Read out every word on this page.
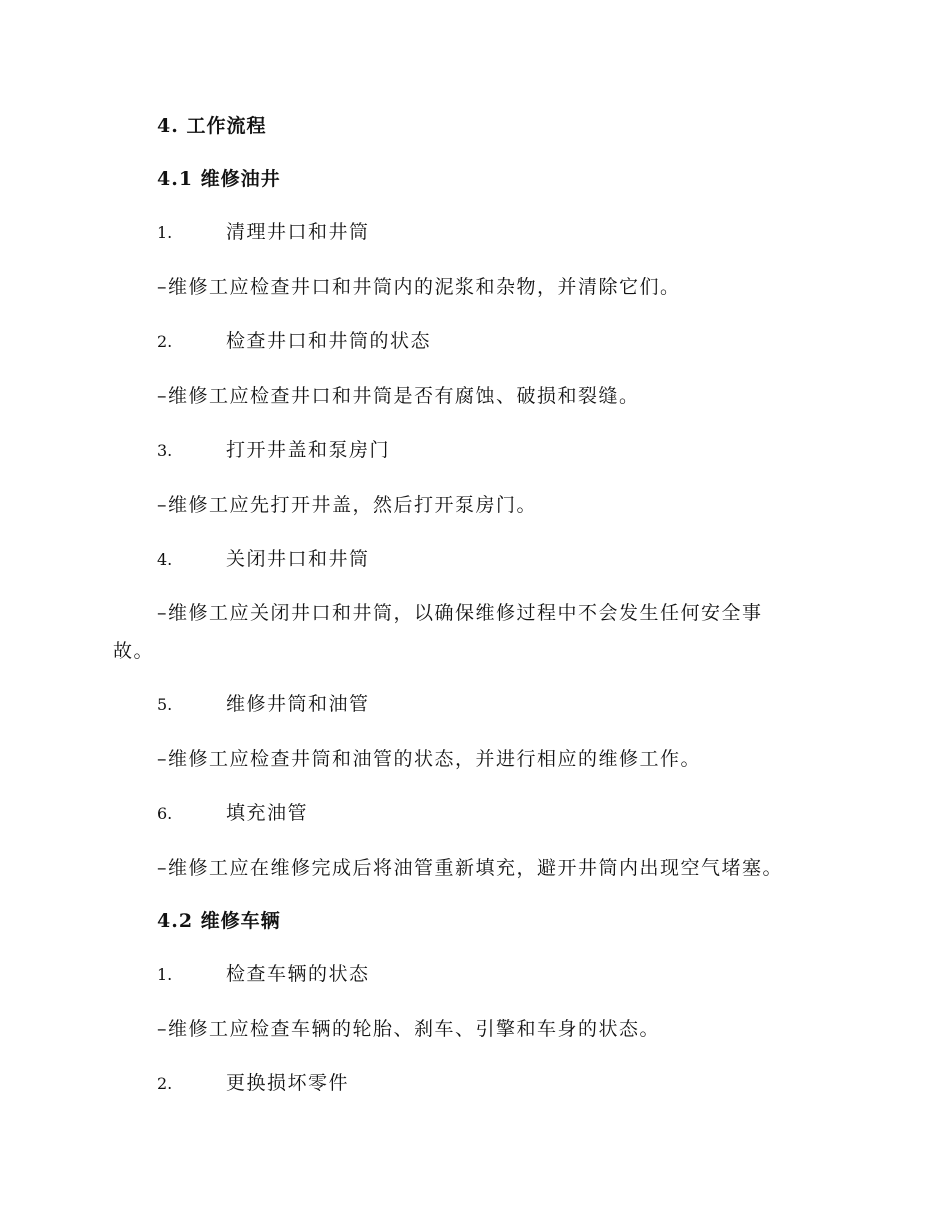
4. 工作流程
4.1 维修油井
1.	清理井口和井筒
–维修工应检查井口和井筒内的泥浆和杂物，并清除它们。
2.	检查井口和井筒的状态
–维修工应检查井口和井筒是否有腐蚀、破损和裂缝。
3.	打开井盖和泵房门
–维修工应先打开井盖，然后打开泵房门。
4.	关闭井口和井筒
–维修工应关闭井口和井筒，以确保维修过程中不会发生任何安全事
故。
5.	维修井筒和油管
–维修工应检查井筒和油管的状态，并进行相应的维修工作。
6.	填充油管
–维修工应在维修完成后将油管重新填充，避开井筒内出现空气堵塞。
4.2 维修车辆
1.	检查车辆的状态
–维修工应检查车辆的轮胎、刹车、引擎和车身的状态。
2.	更换损坏零件
